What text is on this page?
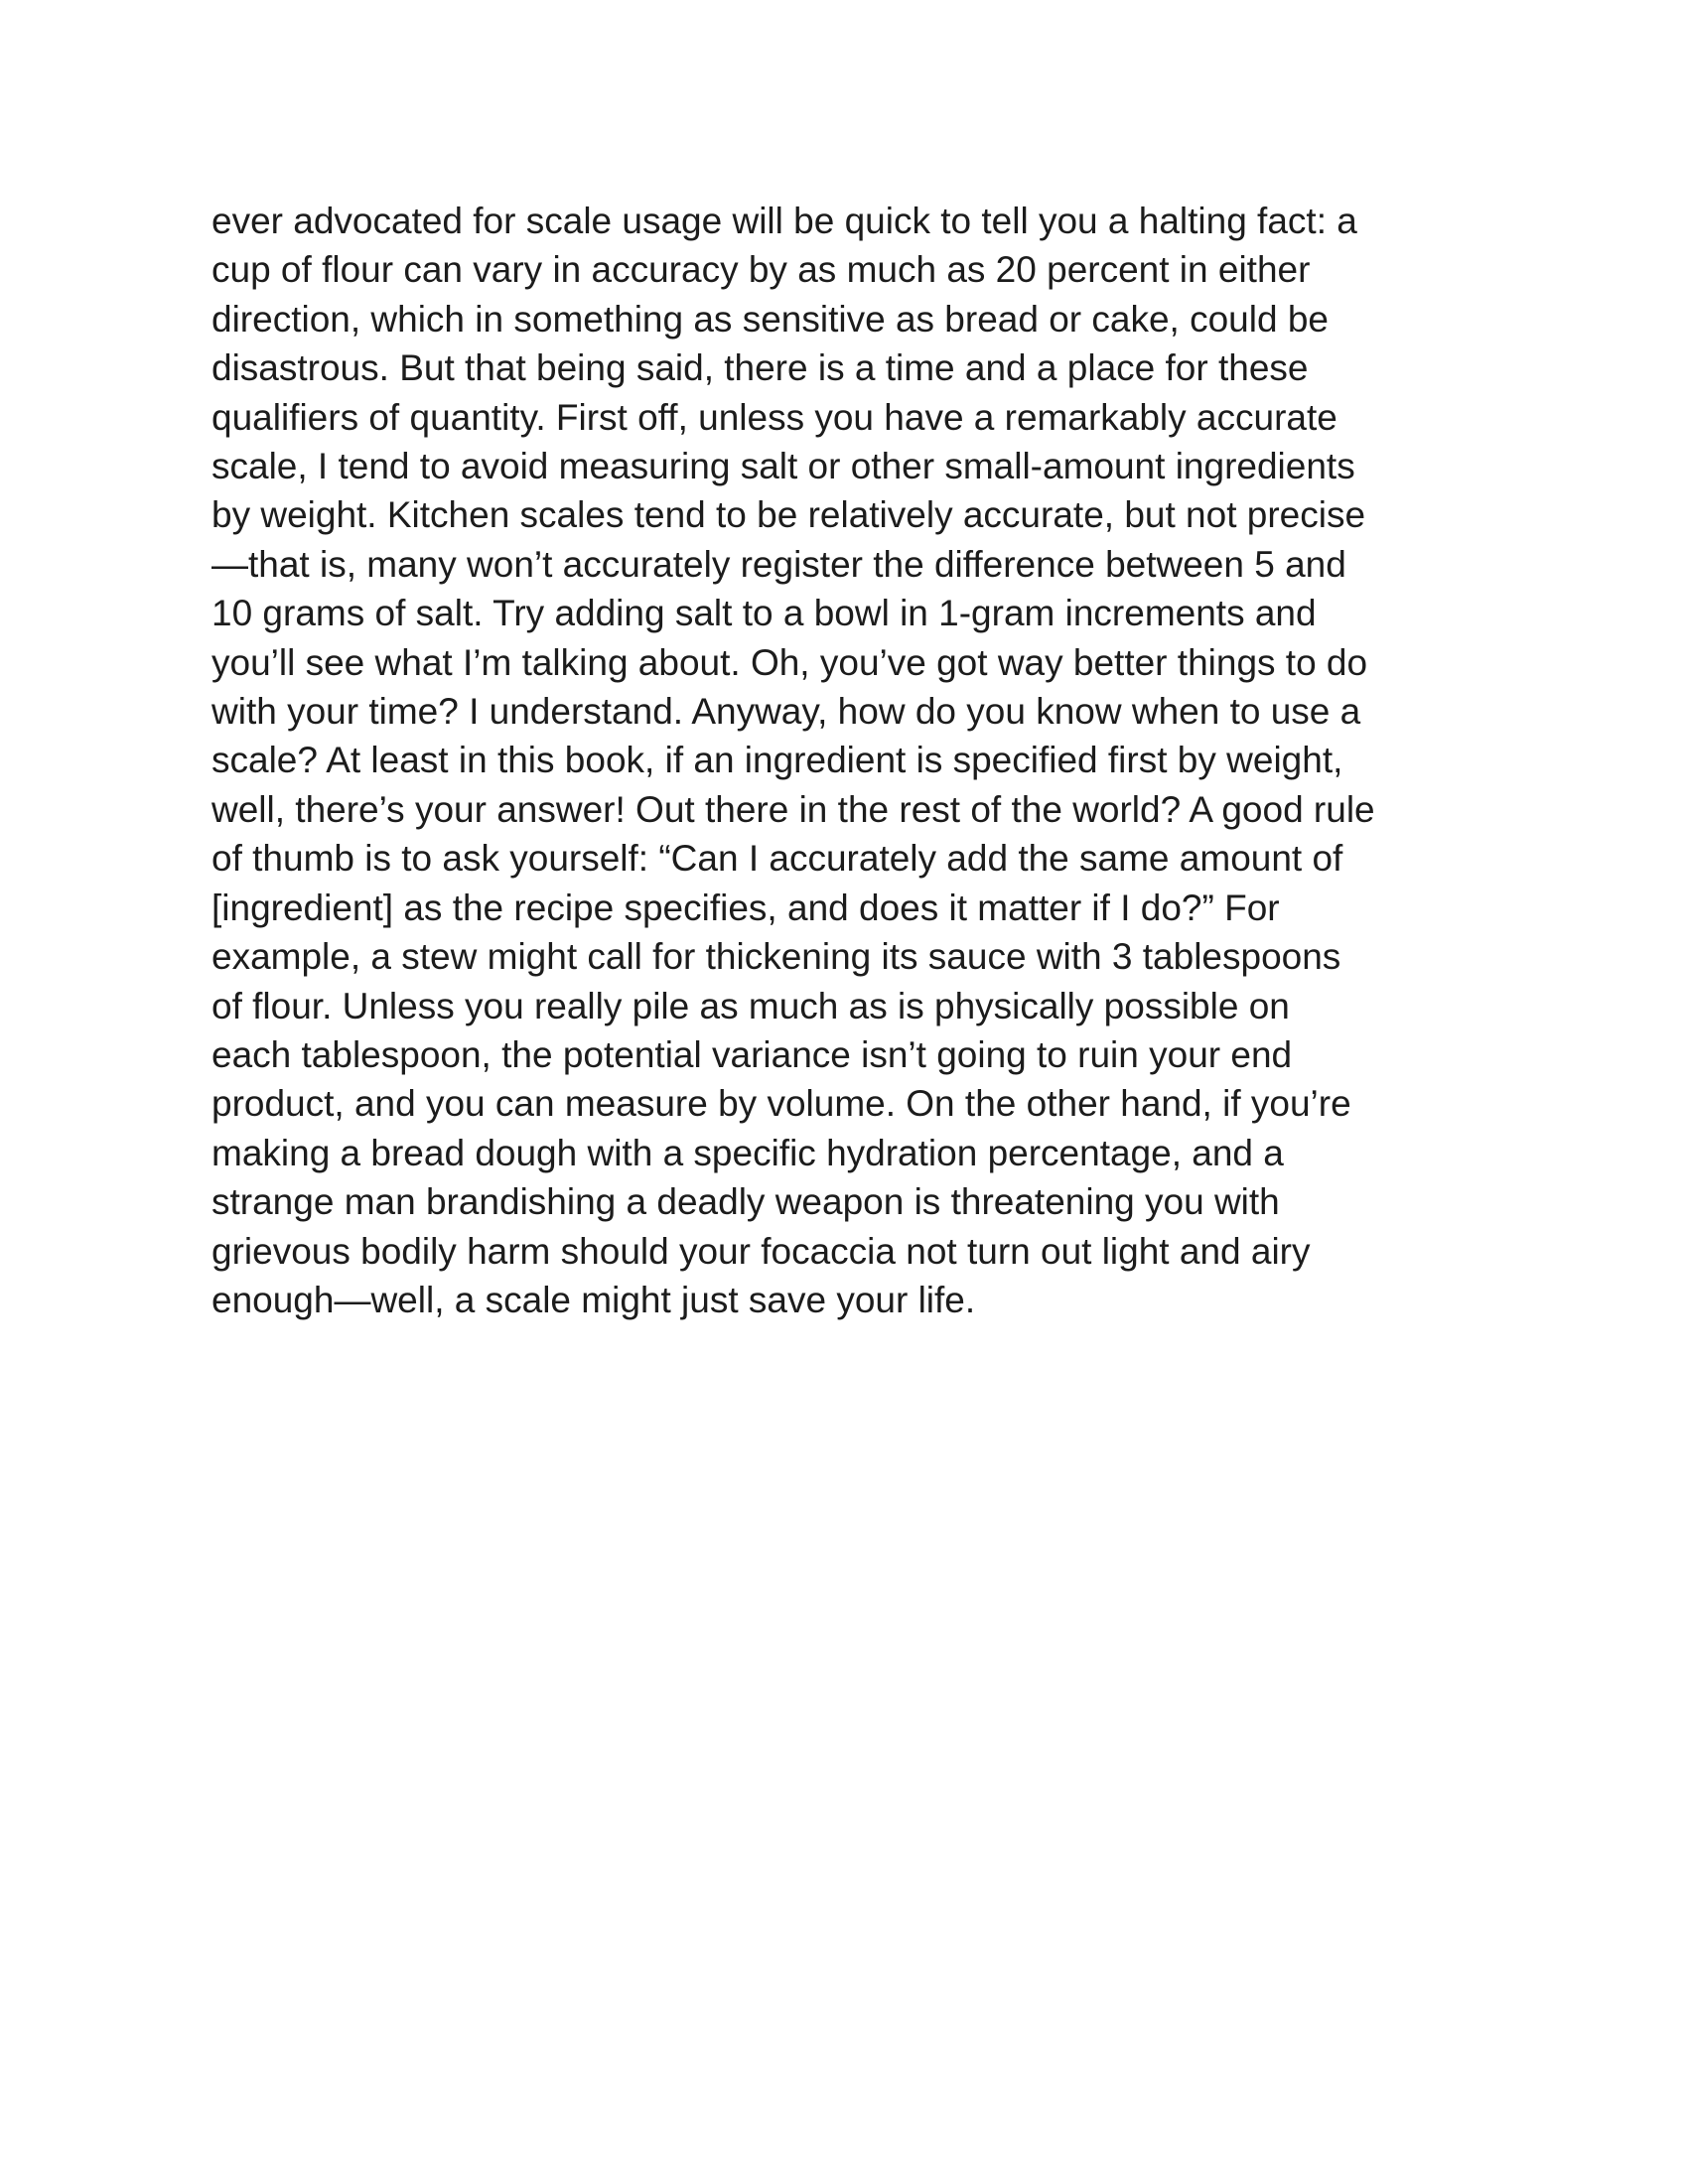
ever advocated for scale usage will be quick to tell you a halting fact: a
cup of flour can vary in accuracy by as much as 20 percent in either
direction, which in something as sensitive as bread or cake, could be
disastrous. But that being said, there is a time and a place for these
qualifiers of quantity. First off, unless you have a remarkably accurate
scale, I tend to avoid measuring salt or other small-amount ingredients
by weight. Kitchen scales tend to be relatively accurate, but not precise
—that is, many won’t accurately register the difference between 5 and
10 grams of salt. Try adding salt to a bowl in 1-gram increments and
you’ll see what I’m talking about. Oh, you’ve got way better things to do
with your time? I understand. Anyway, how do you know when to use a
scale? At least in this book, if an ingredient is specified first by weight,
well, there’s your answer! Out there in the rest of the world? A good rule
of thumb is to ask yourself: “Can I accurately add the same amount of
[ingredient] as the recipe specifies, and does it matter if I do?” For
example, a stew might call for thickening its sauce with 3 tablespoons
of flour. Unless you really pile as much as is physically possible on
each tablespoon, the potential variance isn’t going to ruin your end
product, and you can measure by volume. On the other hand, if you’re
making a bread dough with a specific hydration percentage, and a
strange man brandishing a deadly weapon is threatening you with
grievous bodily harm should your focaccia not turn out light and airy
enough—well, a scale might just save your life.
